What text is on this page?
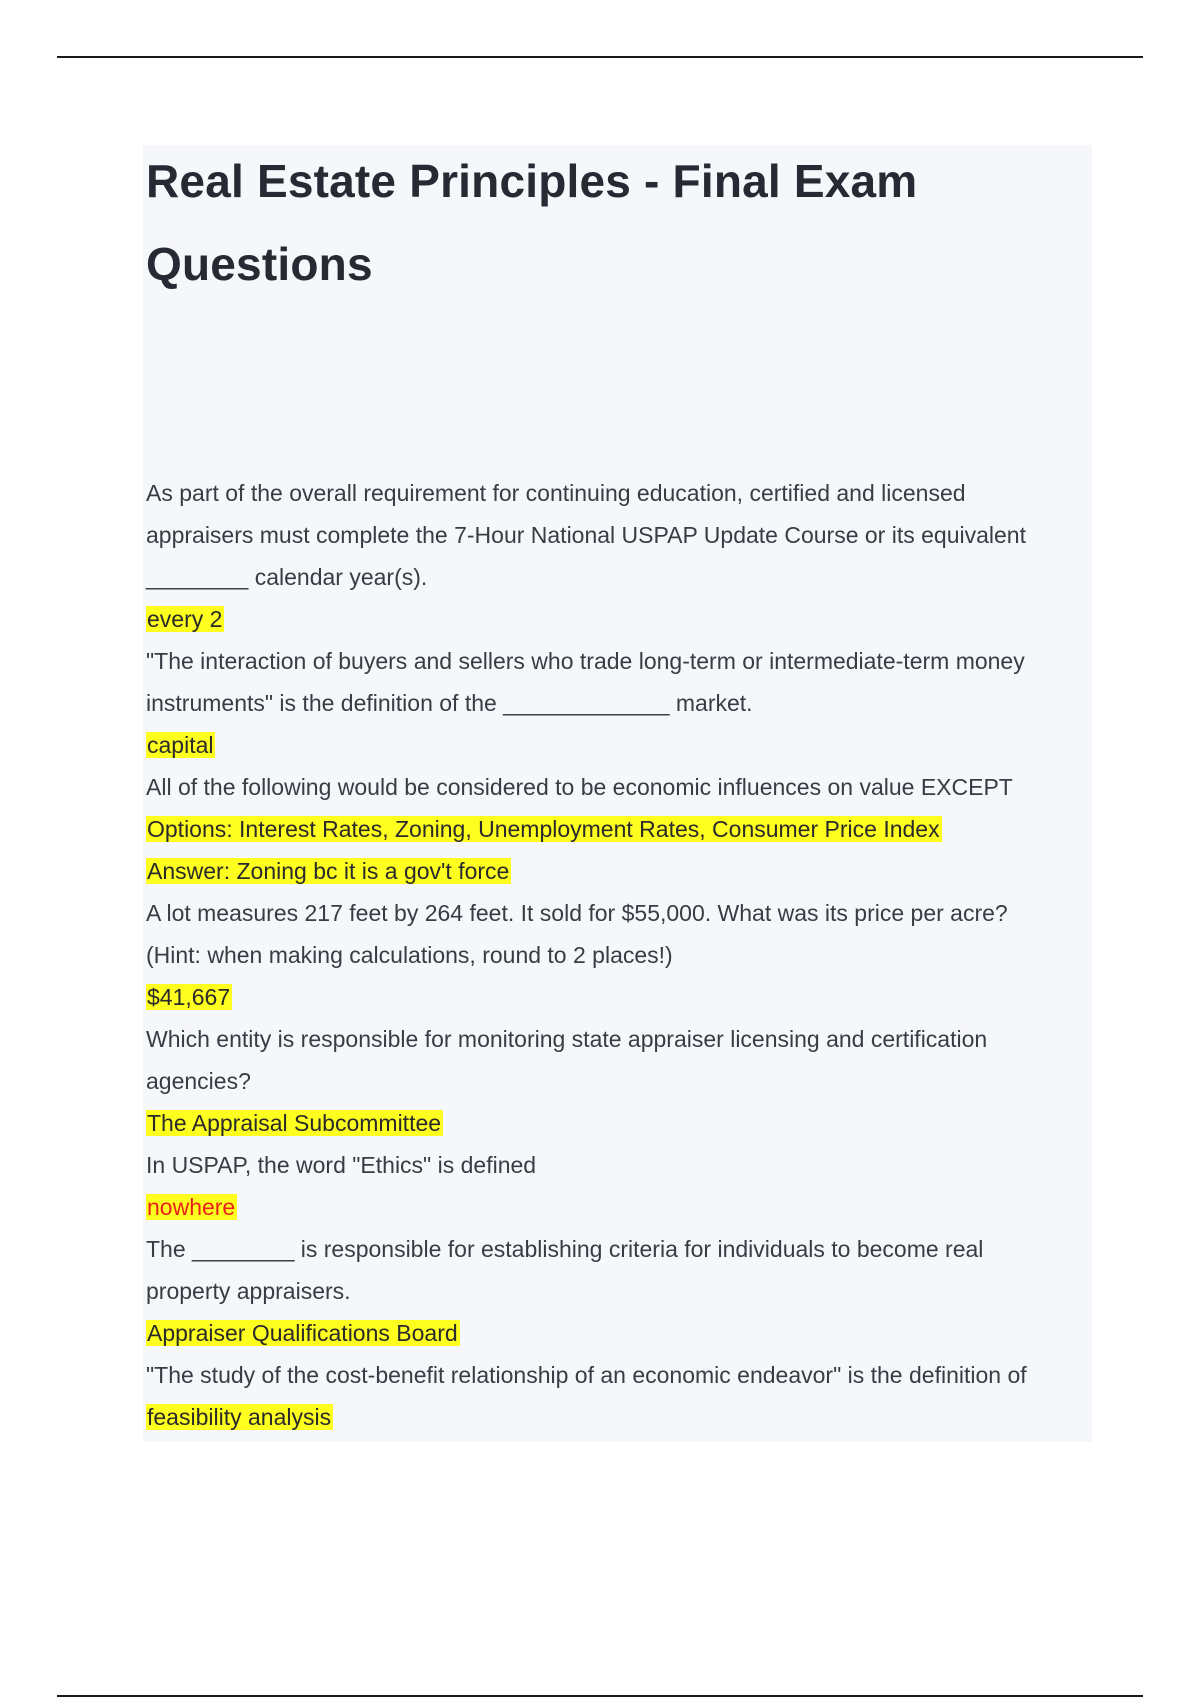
Real Estate Principles - Final Exam
Questions
As part of the overall requirement for continuing education, certified and licensed
appraisers must complete the 7-Hour National USPAP Update Course or its equivalent
________ calendar year(s).
every 2
"The interaction of buyers and sellers who trade long-term or intermediate-term money
instruments" is the definition of the _____________ market.
capital
All of the following would be considered to be economic influences on value EXCEPT
Options: Interest Rates, Zoning, Unemployment Rates, Consumer Price Index
Answer: Zoning bc it is a gov't force
A lot measures 217 feet by 264 feet. It sold for $55,000. What was its price per acre?
(Hint: when making calculations, round to 2 places!)
$41,667
Which entity is responsible for monitoring state appraiser licensing and certification
agencies?
The Appraisal Subcommittee
In USPAP, the word "Ethics" is defined
nowhere
The ________ is responsible for establishing criteria for individuals to become real
property appraisers.
Appraiser Qualifications Board
"The study of the cost-benefit relationship of an economic endeavor" is the definition of
feasibility analysis
